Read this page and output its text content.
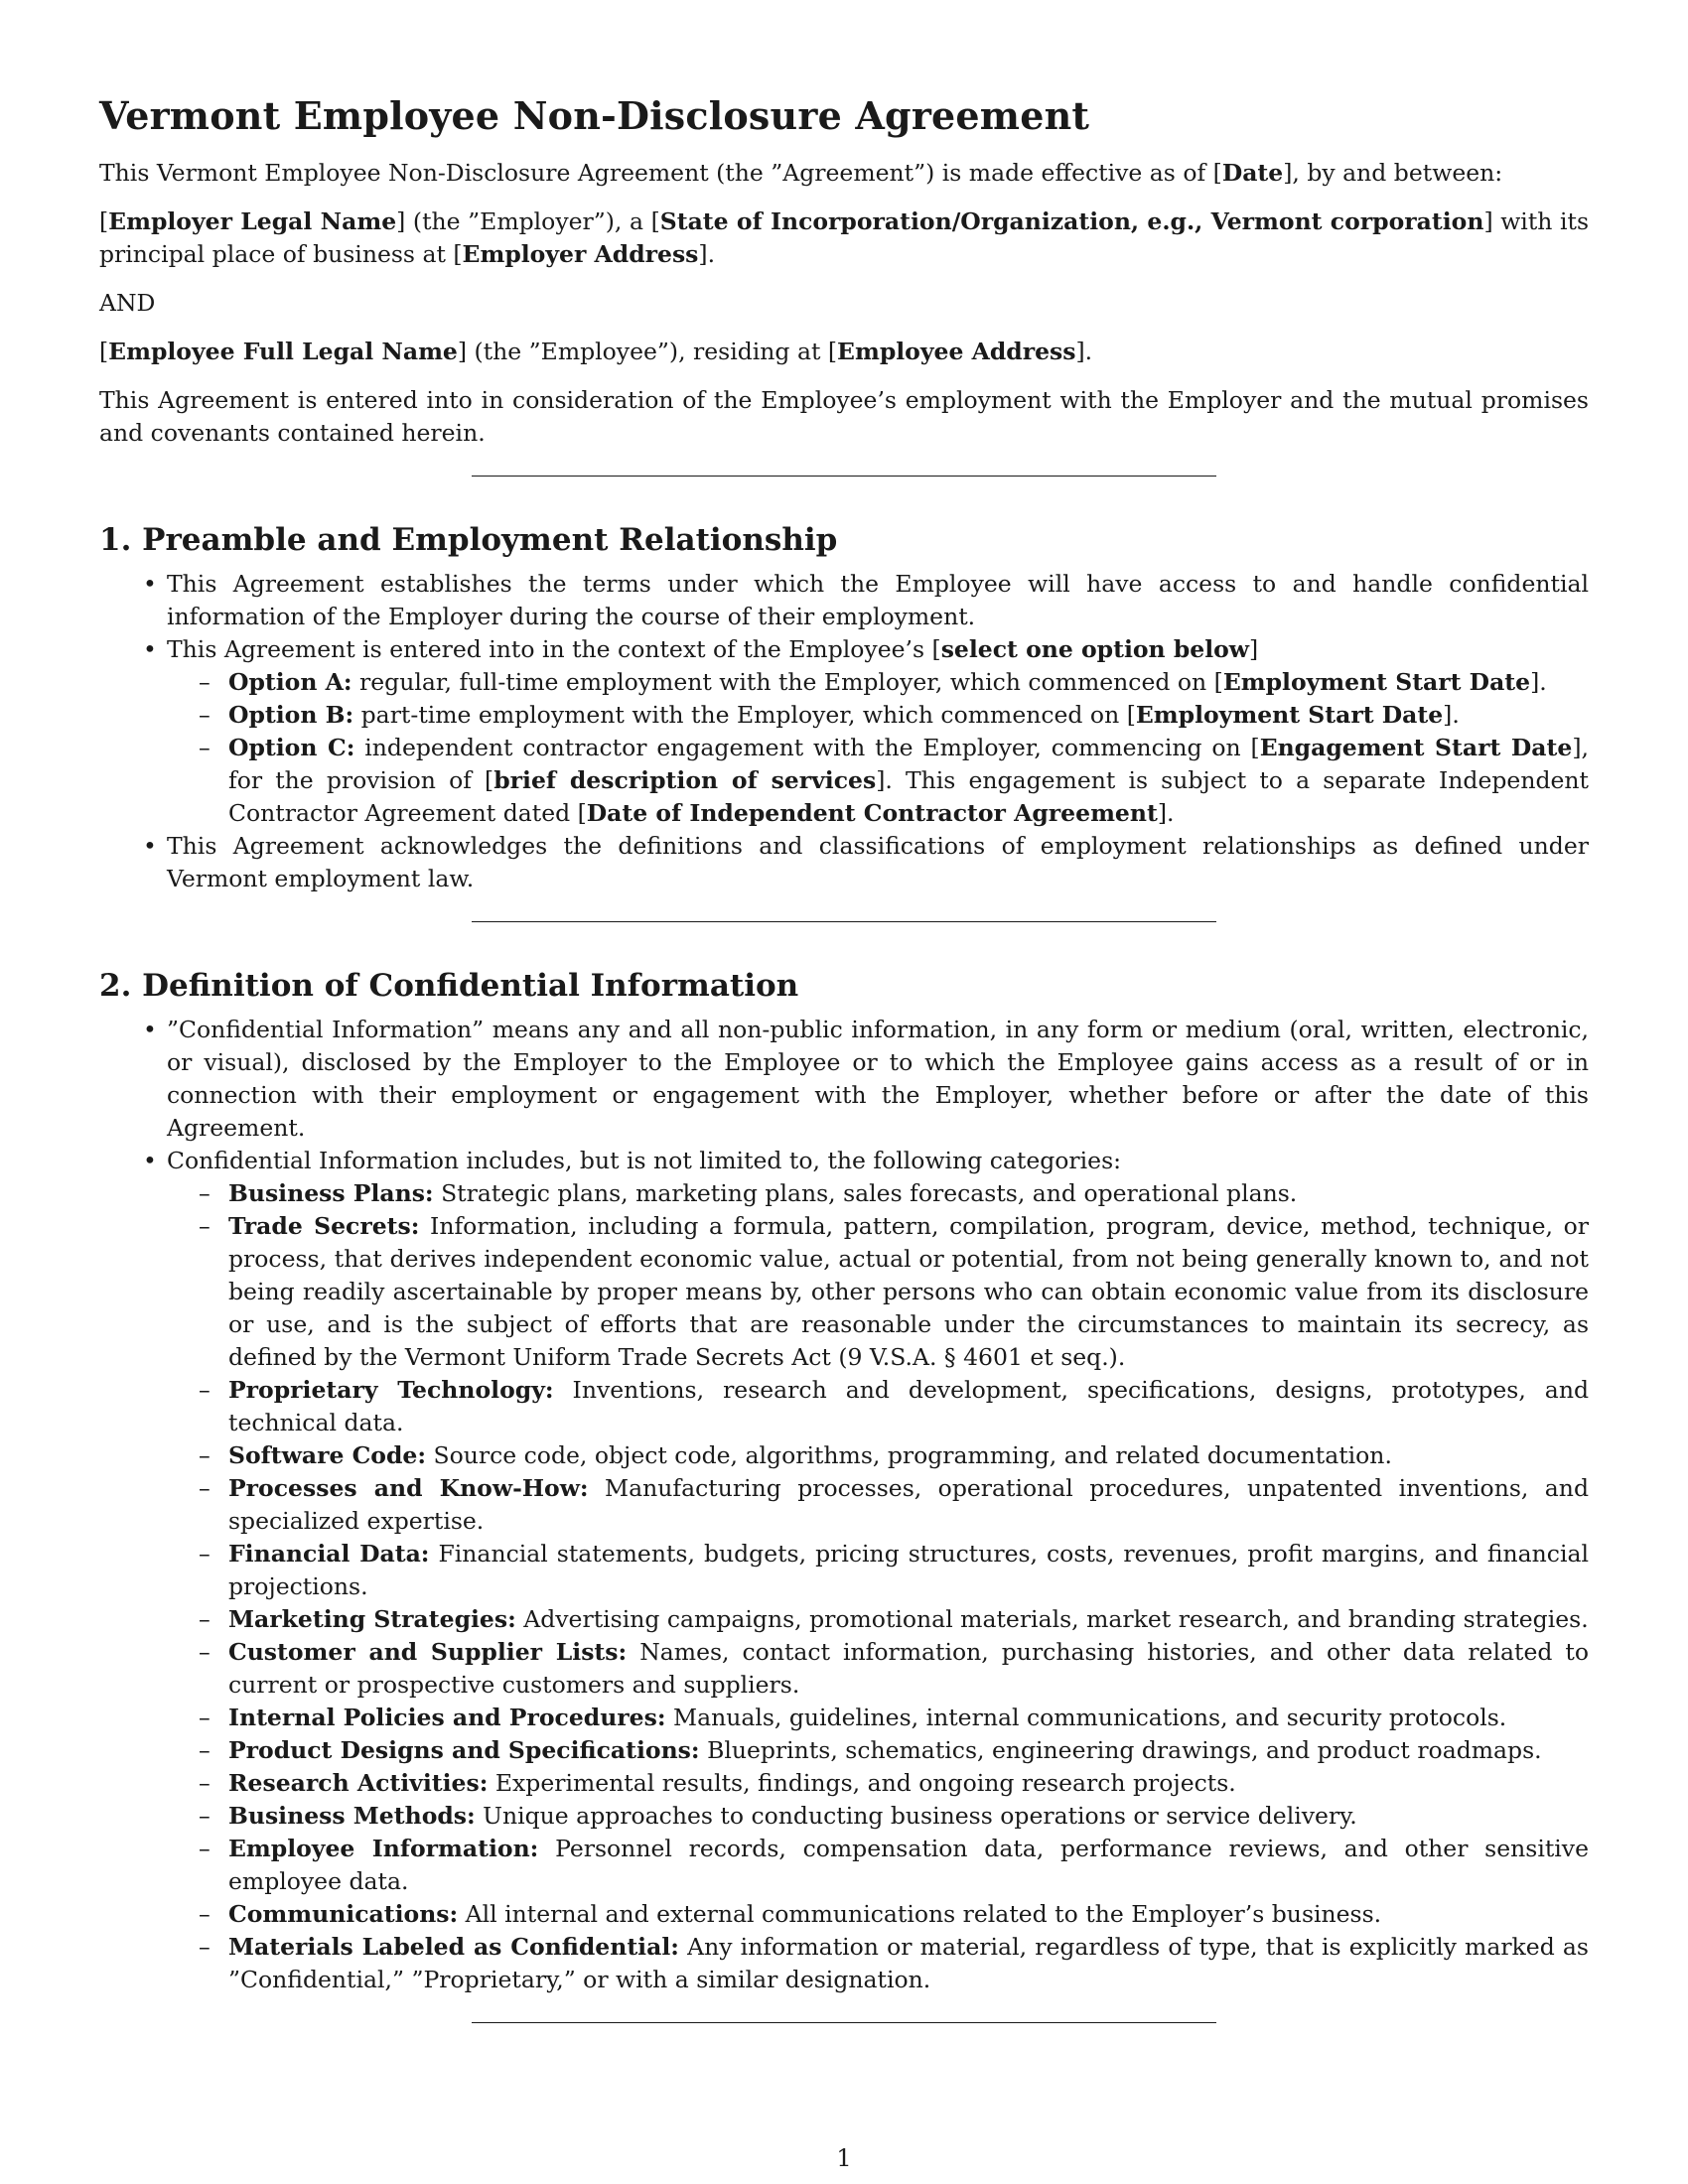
Vermont Employee Non-Disclosure Agreement

This Vermont Employee Non-Disclosure Agreement (the ”Agreement”) is made effective as of [Date], by and between:

[Employer Legal Name] (the ”Employer”), a [State of Incorporation/Organization, e.g., Vermont corporation] with its principal place of business at [Employer Address].

AND

[Employee Full Legal Name] (the ”Employee”), residing at [Employee Address].

This Agreement is entered into in consideration of the Employee’s employment with the Employer and the mutual promises and covenants contained herein.

1. Preamble and Employment Relationship
• This Agreement establishes the terms under which the Employee will have access to and handle confidential information of the Employer during the course of their employment.
• This Agreement is entered into in the context of the Employee’s [select one option below]
– Option A: regular, full-time employment with the Employer, which commenced on [Employment Start Date].
– Option B: part-time employment with the Employer, which commenced on [Employment Start Date].
– Option C: independent contractor engagement with the Employer, commencing on [Engagement Start Date], for the provision of [brief description of services]. This engagement is subject to a separate Independent Contractor Agreement dated [Date of Independent Contractor Agreement].
• This Agreement acknowledges the definitions and classifications of employment relationships as defined under Vermont employment law.
2. Definition of Confidential Information
• ”Confidential Information” means any and all non-public information, in any form or medium (oral, written, electronic, or visual), disclosed by the Employer to the Employee or to which the Employee gains access as a result of or in connection with their employment or engagement with the Employer, whether before or after the date of this Agreement.
• Confidential Information includes, but is not limited to, the following categories:
– Business Plans: Strategic plans, marketing plans, sales forecasts, and operational plans.
– Trade Secrets: Information, including a formula, pattern, compilation, program, device, method, technique, or process, that derives independent economic value, actual or potential, from not being generally known to, and not being readily ascertainable by proper means by, other persons who can obtain economic value from its disclosure or use, and is the subject of efforts that are reasonable under the circumstances to maintain its secrecy, as defined by the Vermont Uniform Trade Secrets Act (9 V.S.A. § 4601 et seq.).
– Proprietary Technology: Inventions, research and development, specifications, designs, prototypes, and technical data.
– Software Code: Source code, object code, algorithms, programming, and related documentation.
– Processes and Know-How: Manufacturing processes, operational procedures, unpatented inventions, and specialized expertise.
– Financial Data: Financial statements, budgets, pricing structures, costs, revenues, profit margins, and financial projections.
– Marketing Strategies: Advertising campaigns, promotional materials, market research, and branding strategies.
– Customer and Supplier Lists: Names, contact information, purchasing histories, and other data related to current or prospective customers and suppliers.
– Internal Policies and Procedures: Manuals, guidelines, internal communications, and security protocols.
– Product Designs and Specifications: Blueprints, schematics, engineering drawings, and product roadmaps.
– Research Activities: Experimental results, findings, and ongoing research projects.
– Business Methods: Unique approaches to conducting business operations or service delivery.
– Employee Information: Personnel records, compensation data, performance reviews, and other sensitive employee data.
– Communications: All internal and external communications related to the Employer’s business.
– Materials Labeled as Confidential: Any information or material, regardless of type, that is explicitly marked as ”Confidential,” ”Proprietary,” or with a similar designation.
1
